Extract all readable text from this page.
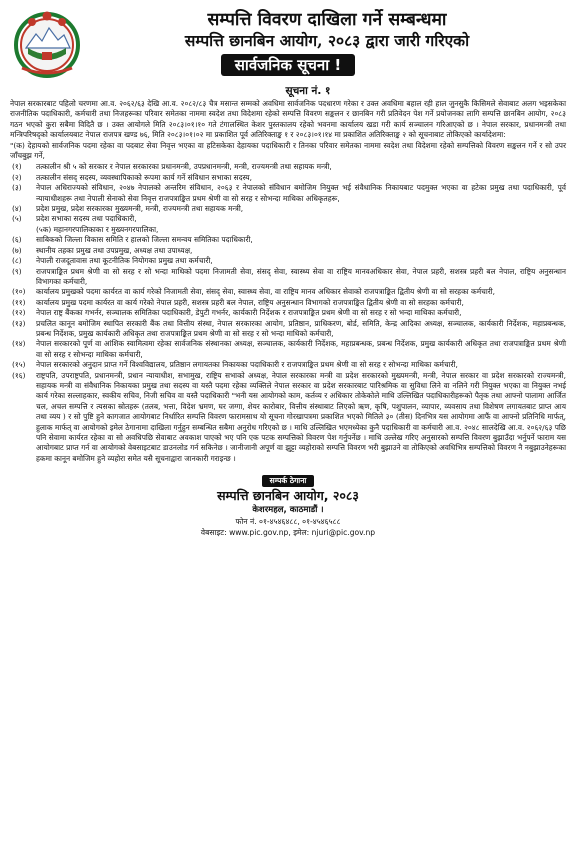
सम्पत्ति विवरण दाखिला गर्ने सम्बन्धमा
सम्पत्ति छानबिन आयोग, २०८३ द्वारा जारी गरिएको
सार्वजनिक सूचना !
सूचना नं. १

नेपाल सरकारबाट पहिलो चरणमा आ.व. २०६२/६३ देखि आ.व. २०८२/८३ चैत्र मसान्त सम्मको अवधिमा सार्वजनिक पदधारण गरेका र उक्त अवधिमा बहाल रही हाल जुनसुकै किसिमले सेवाबाट अलग भइसकेका राजनीतिक पदाधिकारी, कर्मचारी तथा निजहरूका परिवार समेतका नाममा स्वदेश तथा विदेशमा रहेको सम्पत्ति विवरण सङ्कलन र छानबिन गरी प्रतिवेदन पेश गर्ने प्रयोजनका लागि सम्पत्ति छानबिन आयोग, २०८३ गठन भएको कुरा सबैमा विदितै छ । उक्त आयोगले मिति २०८३।०१।१० गते टंगालस्थित केशर पुस्तकालय रहेको भवनमा कार्यालय खडा गरी कार्य सञ्चालन गरिआएको छ । नेपाल सरकार, प्रधानमन्त्री तथा मन्त्रिपरिषद्को कार्यालयबाट नेपाल राजपत्र खण्ड ७६, मिति २०८३।०१।०२ मा प्रकाशित पूर्व अतिरिक्ताङ्क १ र २०८३।०१।१४ मा प्रकाशित अतिरिक्ताङ्क २ को सूचनाबाट तोकिएको कार्यादेशमा:

"(क) देहायको सार्वजनिक पदमा रहेका वा पदबाट सेवा निवृत्त भएका वा हटिसकेका देहायका पदाधिकारी र तिनका परिवार समेतका नाममा स्वदेश तथा विदेशमा रहेको सम्पत्तिको विवरण सङ्कलन गर्ने र सो उपर जाँचबुझ गर्ने,

(१)	तत्कालीन श्री ५ को सरकार र नेपाल सरकारका प्रधानमन्त्री, उपप्रधानमन्त्री, मन्त्री, राज्यमन्त्री तथा सहायक मन्त्री,
(२)	तत्कालीन संसद् सदस्य, व्यवस्थापिकाको रूपमा कार्य गर्ने संविधान सभाका सदस्य,
(३)	नेपाल अधिराज्यको संविधान, २०४७ नेपालको अन्तरिम संविधान, २०६३ र नेपालको संविधान बमोजिम नियुक्त भई संवैधानिक निकायबाट पदमुक्त भएका वा हटेका प्रमुख तथा पदाधिकारी, पूर्व न्यायाधीशहरू तथा नेपाली सेनाको सेवा निवृत्त राजपत्राङ्कित प्रथम श्रेणी वा सो सरह र सोभन्दा माथिका अधिकृतहरू,
(४)	प्रदेश प्रमुख, प्रदेश सरकारका मुख्यमन्त्री, मन्त्री, राज्यमन्त्री तथा सहायक मन्त्री,
(५)	प्रदेश सभाका सदस्य तथा पदाधिकारी,
(५क) महानगरपालिकाका र मुख्यनगरपालिका,
(६)	साबिकको जिल्ला विकास समिति र हालको जिल्ला समन्वय समितिका पदाधिकारी,
(७)	स्थानीय तहका प्रमुख तथा उपप्रमुख, अध्यक्ष तथा उपाध्यक्ष,
(८)	नेपाली राजदूतावास तथा कूटनीतिक नियोगका प्रमुख तथा कर्मचारी,
(९)	राजपत्राङ्कित प्रथम श्रेणी वा सो सरह र सो भन्दा माथिको पदमा निजामती सेवा, संसद् सेवा, स्वास्थ्य सेवा वा राष्ट्रिय मानवअधिकार सेवा, नेपाल प्रहरी, सशस्त्र प्रहरी बल नेपाल, राष्ट्रिय अनुसन्धान विभागका कर्मचारी,
(१०)	कार्यालय प्रमुखको पदमा कार्यरत वा कार्य गरेको निजामती सेवा, संसद् सेवा, स्वास्थ्य सेवा, वा राष्ट्रिय मानव अधिकार सेवाको राजपत्राङ्कित द्वितीय श्रेणी वा सो सरहका कर्मचारी,
(११)	कार्यालय प्रमुख पदमा कार्यरत वा कार्य गरेको नेपाल प्रहरी, सशस्त्र प्रहरी बल नेपाल, राष्ट्रिय अनुसन्धान विभागको राजपत्राङ्कित द्वितीय श्रेणी वा सो सरहका कर्मचारी,
(१२)	नेपाल राष्ट्र बैंकका गभर्नर, सञ्चालक समितिका पदाधिकारी, डेपुटी गभर्नर, कार्यकारी निर्देशक र राजपत्राङ्कित प्रथम श्रेणी वा सो सरह र सो भन्दा माथिका कर्मचारी,
(१३)	प्रचलित कानून बमोजिम स्थापित सरकारी बैंक तथा वित्तीय संस्था, नेपाल सरकारका आयोग, प्रतिष्ठान, प्राधिकरण, बोर्ड, समिति, केन्द्र आदिका अध्यक्ष, सञ्चालक, कार्यकारी निर्देशक, महाप्रबन्धक, प्रबन्ध निर्देशक, प्रमुख कार्यकारी अधिकृत तथा राजपत्राङ्कित प्रथम श्रेणी वा सो सरह र सो भन्दा माथिको कर्मचारी,
(१४)	नेपाल सरकारको पूर्ण वा आंशिक स्वामित्वमा रहेका सार्वजनिक संस्थानका अध्यक्ष, सञ्चालक, कार्यकारी निर्देशक, महाप्रबन्धक, प्रबन्ध निर्देशक, प्रमुख कार्यकारी अधिकृत तथा राजपत्राङ्कित प्रथम श्रेणी वा सो सरह र सोभन्दा माथिका कर्मचारी,
(१५)	नेपाल सरकारको अनुदान प्राप्त गर्ने विश्वविद्यालय, प्रतिष्ठान लगायतका निकायका पदाधिकारी र राजपत्राङ्कित प्रथम श्रेणी वा सो सरह र सोभन्दा माथिका कर्मचारी,
(१६)	राष्ट्रपति, उपराष्ट्रपति, प्रधानमन्त्री, प्रधान न्यायाधीश, सभामुख, राष्ट्रिय सभाको अध्यक्ष, नेपाल सरकारका मन्त्री वा प्रदेश सरकारको मुख्यमन्त्री, मन्त्री, नेपाल सरकार वा प्रदेश सरकारको राज्यमन्त्री, सहायक मन्त्री वा संवैधानिक निकायका प्रमुख तथा सदस्य वा यस्तै पदमा रहेका व्यक्तिले नेपाल सरकार वा प्रदेश सरकारबाट पारिश्रमिक वा सुविधा लिने वा नलिने गरी नियुक्त भएका वा नियुक्त नभई कार्य गरेका सल्लाहकार, स्वकीय सचिव, निजी सचिव वा यस्तै पदाधिकारी "भनी यस आयोगको काम, कर्तव्य र अधिकार तोकेकोले माथि उल्लिखित पदाधिकारीहरूको पैतृक तथा आफ्नो पालामा आर्जित चल, अचल सम्पत्ति र त्यसका स्रोतहरू (तलब, भत्ता, विदेश भ्रमण, घर जग्गा, शेयर कारोबार, वित्तीय संस्थाबाट लिएको ऋण, कृषि, पशुपालन, व्यापार, व्यवसाय तथा विशेषण लगायतबाट प्राप्त आय तथा व्यय ) र सो पुष्टि हुने कागजात आयोगबाट निर्धारित सम्पत्ति विवरण फारामसाथ यो सूचना गोरखापत्रमा प्रकाशित भएको मितिले ३० (तीस) दिनभित्र यस आयोगमा आफैं वा आफ्नो प्रतिनिधि मार्फत्, हुलाक मार्फत् वा आयोगको इमेल ठेगानामा दाखिला गर्नुहुन सम्बन्धित सबैमा अनुरोध गरिएको छ । माथि उल्लिखित भएमध्येका कुनै पदाधिकारी वा कर्मचारी आ.व. २०४८ सालदेखि आ.व. २०६२/६३ पछि पनि सेवामा कार्यरत रहेका वा सो अवधिपछि सेवाबाट अवकाश पाएको भए पनि एक पटक सम्पत्तिको विवरण पेश गर्नुपर्नेछ । माथि उल्लेख गरिए अनुसारको सम्पत्ति विवरण बुझाउँदा भर्नुपर्ने फाराम यस आयोगबाट प्राप्त गर्न वा आयोगको वेबसाइटबाट डाउनलोड गर्न सकिनेछ । जानीजानी अपूर्ण वा झुट्टा व्यहोराको सम्पत्ति विवरण भरी बुझाउने वा तोकिएको अवधिभित्र सम्पत्तिको विवरण नै नबुझाउनेहरूका हकमा कानून बमोजिम हुने व्यहोरा समेत यसै सूचनाद्वारा जानकारी गराइन्छ ।
सम्पर्क ठेगाना
सम्पत्ति छानबिन आयोग, २०८३
केशरमहल, काठमाडौं ।
फोन नं. ०१-४५४६४८८, ०१-४५४६५८८
वेबसाइट: www.pic.gov.np, इमेल: njuri@pic.gov.np
